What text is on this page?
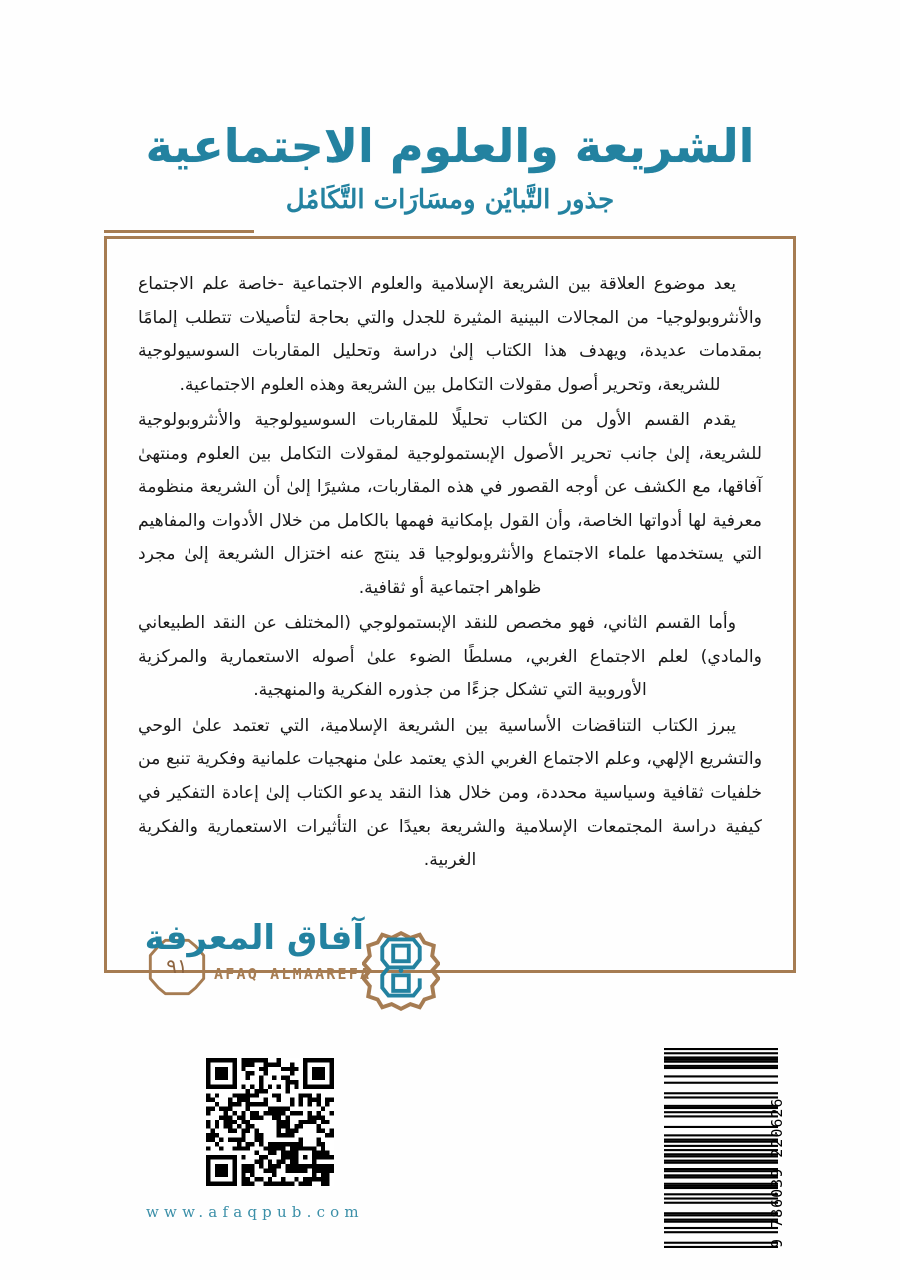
الشريعة والعلوم الاجتماعية
جذور التَّبايُن ومسَارَات التَّكَامُل

يعد موضوع العلاقة بين الشريعة الإسلامية والعلوم الاجتماعية -خاصة علم الاجتماع والأنثروبولوجيا- من المجالات البينية المثيرة للجدل والتي بحاجة لتأصيلات تتطلب إلمامًا بمقدمات عديدة، ويهدف هذا الكتاب إلىٰ دراسة وتحليل المقاربات السوسيولوجية للشريعة، وتحرير أصول مقولات التكامل بين الشريعة وهذه العلوم الاجتماعية.

يقدم القسم الأول من الكتاب تحليلًا للمقاربات السوسيولوجية والأنثروبولوجية للشريعة، إلىٰ جانب تحرير الأصول الإبستمولوجية لمقولات التكامل بين العلوم ومنتهىٰ آفاقها، مع الكشف عن أوجه القصور في هذه المقاربات، مشيرًا إلىٰ أن الشريعة منظومة معرفية لها أدواتها الخاصة، وأن القول بإمكانية فهمها بالكامل من خلال الأدوات والمفاهيم التي يستخدمها علماء الاجتماع والأنثروبولوجيا قد ينتج عنه اختزال الشريعة إلىٰ مجرد ظواهر اجتماعية أو ثقافية.

وأما القسم الثاني، فهو مخصص للنقد الإبستمولوجي (المختلف عن النقد الطبيعاني والمادي) لعلم الاجتماع الغربي، مسلطًا الضوء علىٰ أصوله الاستعمارية والمركزية الأوروبية التي تشكل جزءًا من جذوره الفكرية والمنهجية.

يبرز الكتاب التناقضات الأساسية بين الشريعة الإسلامية، التي تعتمد علىٰ الوحي والتشريع الإلهي، وعلم الاجتماع الغربي الذي يعتمد علىٰ منهجيات علمانية وفكرية تنبع من خلفيات ثقافية وسياسية محددة، ومن خلال هذا النقد يدعو الكتاب إلىٰ إعادة التفكير في كيفية دراسة المجتمعات الإسلامية والشريعة بعيدًا عن التأثيرات الاستعمارية والفكرية الغربية.

٩١
آفاق المعرفة
AFAQ ALMAAREFA
9 786039 220626
www.afaqpub.com
